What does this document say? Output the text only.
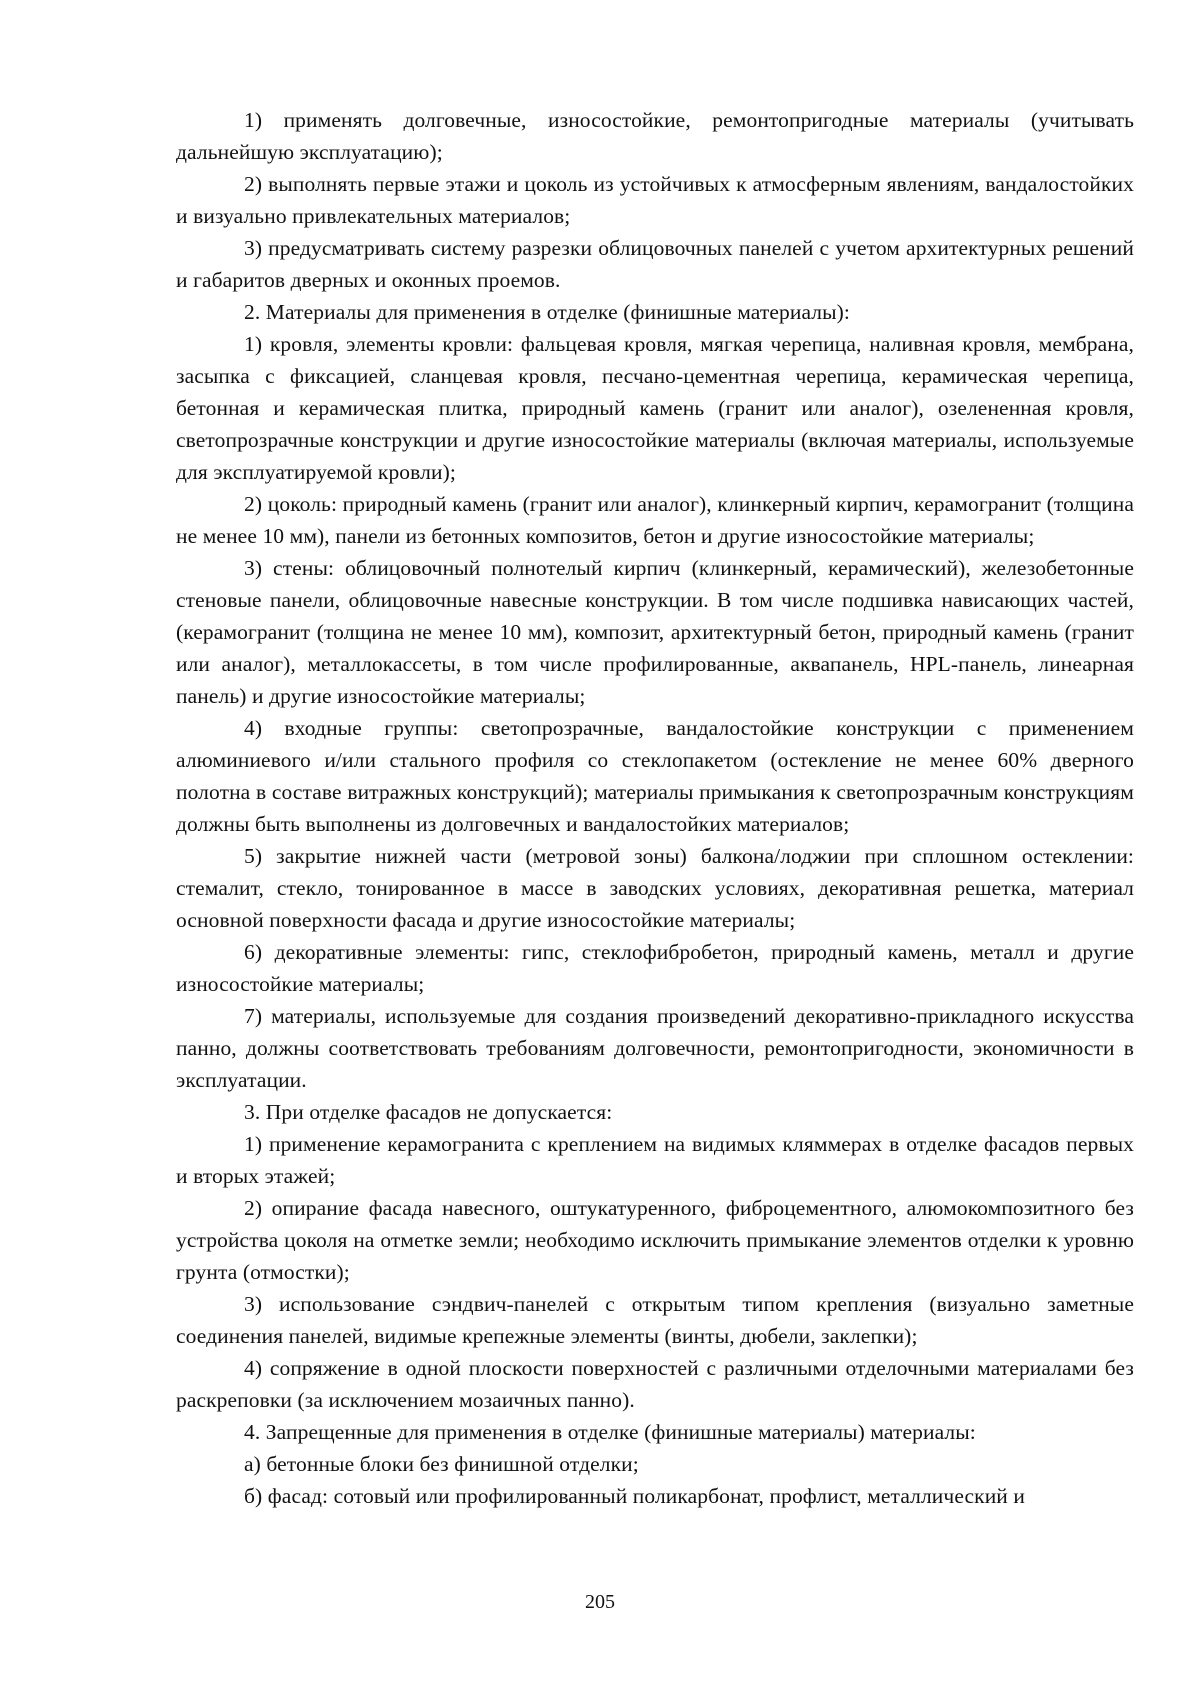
1) применять долговечные, износостойкие, ремонтопригодные материалы (учитывать дальнейшую эксплуатацию);

2) выполнять первые этажи и цоколь из устойчивых к атмосферным явлениям, вандалостойких и визуально привлекательных материалов;

3) предусматривать систему разрезки облицовочных панелей с учетом архитектурных решений и габаритов дверных и оконных проемов.

2. Материалы для применения в отделке (финишные материалы):

1) кровля, элементы кровли: фальцевая кровля, мягкая черепица, наливная кровля, мембрана, засыпка с фиксацией, сланцевая кровля, песчано-цементная черепица, керамическая черепица, бетонная и керамическая плитка, природный камень (гранит или аналог), озелененная кровля, светопрозрачные конструкции и другие износостойкие материалы (включая материалы, используемые для эксплуатируемой кровли);

2) цоколь: природный камень (гранит или аналог), клинкерный кирпич, керамогранит (толщина не менее 10 мм), панели из бетонных композитов, бетон и другие износостойкие материалы;

3) стены: облицовочный полнотелый кирпич (клинкерный, керамический), железобетонные стеновые панели, облицовочные навесные конструкции. В том числе подшивка нависающих частей, (керамогранит (толщина не менее 10 мм), композит, архитектурный бетон, природный камень (гранит или аналог), металлокассеты, в том числе профилированные, аквапанель, HPL-панель, линеарная панель) и другие износостойкие материалы;

4) входные группы: светопрозрачные, вандалостойкие конструкции с применением алюминиевого и/или стального профиля со стеклопакетом (остекление не менее 60% дверного полотна в составе витражных конструкций); материалы примыкания к светопрозрачным конструкциям должны быть выполнены из долговечных и вандалостойких материалов;

5) закрытие нижней части (метровой зоны) балкона/лоджии при сплошном остеклении: стемалит, стекло, тонированное в массе в заводских условиях, декоративная решетка, материал основной поверхности фасада и другие износостойкие материалы;

6) декоративные элементы: гипс, стеклофибробетон, природный камень, металл и другие износостойкие материалы;

7) материалы, используемые для создания произведений декоративно-прикладного искусства панно, должны соответствовать требованиям долговечности, ремонтопригодности, экономичности в эксплуатации.

3. При отделке фасадов не допускается:

1) применение керамогранита с креплением на видимых кляммерах в отделке фасадов первых и вторых этажей;

2) опирание фасада навесного, оштукатуренного, фиброцементного, алюмокомпозитного без устройства цоколя на отметке земли; необходимо исключить примыкание элементов отделки к уровню грунта (отмостки);

3) использование сэндвич-панелей с открытым типом крепления (визуально заметные соединения панелей, видимые крепежные элементы (винты, дюбели, заклепки);

4) сопряжение в одной плоскости поверхностей с различными отделочными материалами без раскреповки (за исключением мозаичных панно).

4. Запрещенные для применения в отделке (финишные материалы) материалы:

а) бетонные блоки без финишной отделки;

б) фасад: сотовый или профилированный поликарбонат, профлист, металлический и

205
